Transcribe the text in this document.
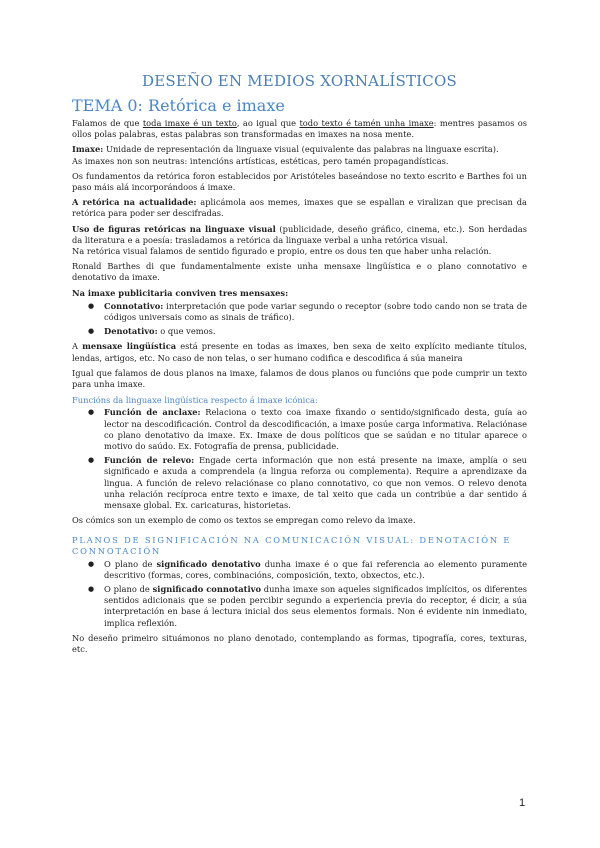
DESEÑO EN MEDIOS XORNALÍSTICOS
TEMA 0: Retórica e imaxe

Falamos de que toda imaxe é un texto, ao igual que todo texto é tamén unha imaxe: mentres pasamos os ollos polas palabras, estas palabras son transformadas en imaxes na nosa mente.

Imaxe: Unidade de representación da linguaxe visual (equivalente das palabras na linguaxe escrita).
As imaxes non son neutras: intencións artísticas, estéticas, pero tamén propagandísticas.

Os fundamentos da retórica foron establecidos por Aristóteles baseándose no texto escrito e Barthes foi un paso máis alá incorporándoos á imaxe.

A retórica na actualidade: aplicámola aos memes, imaxes que se espallan e viralizan que precisan da retórica para poder ser descifradas.

Uso de figuras retóricas na linguaxe visual (publicidade, deseño gráfico, cinema, etc.). Son herdadas da literatura e a poesía: trasladamos a retórica da linguaxe verbal a unha retórica visual.
Na retórica visual falamos de sentido figurado e propio, entre os dous ten que haber unha relación.

Ronald Barthes di que fundamentalmente existe unha mensaxe lingüística e o plano connotativo e denotativo da imaxe.

Na imaxe publicitaria conviven tres mensaxes:

● Connotativo: interpretación que pode variar segundo o receptor (sobre todo cando non se trata de códigos universais como as sinais de tráfico).
● Denotativo: o que vemos.

A mensaxe lingüística está presente en todas as imaxes, ben sexa de xeito explícito mediante títulos, lendas, artigos, etc. No caso de non telas, o ser humano codifica e descodifica á súa maneira

Igual que falamos de dous planos na imaxe, falamos de dous planos ou funcións que pode cumprir un texto para unha imaxe.

Funcións da linguaxe lingüística respecto á imaxe icónica:
● Función de anclaxe: Relaciona o texto coa imaxe fixando o sentido/significado desta, guía ao lector na descodificación. Control da descodificación, a imaxe posúe carga informativa. Relaciónase co plano denotativo da imaxe. Ex. Imaxe de dous políticos que se saúdan e no titular aparece o motivo do saúdo. Ex. Fotografía de prensa, publicidade.
● Función de relevo: Engade certa información que non está presente na imaxe, amplía o seu significado e axuda a comprendela (a lingua reforza ou complementa). Require a aprendizaxe da lingua. A función de relevo relaciónase co plano connotativo, co que non vemos. O relevo denota unha relación recíproca entre texto e imaxe, de tal xeito que cada un contribúe a dar sentido á mensaxe global. Ex. caricaturas, historietas.

Os cómics son un exemplo de como os textos se empregan como relevo da imaxe.

PLANOS DE SIGNIFICACIÓN NA COMUNICACIÓN VISUAL: DENOTACIÓN E CONNOTACIÓN
● O plano de significado denotativo dunha imaxe é o que fai referencia ao elemento puramente descritivo (formas, cores, combinacións, composición, texto, obxectos, etc.).
● O plano de significado connotativo dunha imaxe son aqueles significados implícitos, os diferentes sentidos adicionais que se poden percibir segundo a experiencia previa do receptor, é dicir, a súa interpretación en base á lectura inicial dos seus elementos formais. Non é evidente nin inmediato, implica reflexión.

No deseño primeiro situámonos no plano denotado, contemplando as formas, tipografía, cores, texturas, etc.

1
